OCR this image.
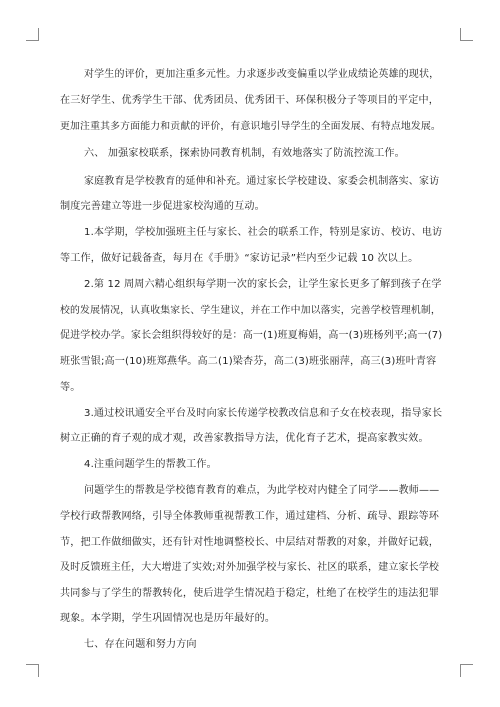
对学生的评价，更加注重多元性。力求逐步改变偏重以学业成绩论英雄的现状，
在三好学生、优秀学生干部、优秀团员、优秀团干、环保积极分子等项目的平定中，
更加注重其多方面能力和贡献的评价，有意识地引导学生的全面发展、有特点地发展。
六、 加强家校联系，探索协同教育机制，有效地落实了防流控流工作。
家庭教育是学校教育的延伸和补充。通过家长学校建设、家委会机制落实、家访
制度完善建立等进一步促进家校沟通的互动。
1.本学期，学校加强班主任与家长、社会的联系工作，特别是家访、校访、电访
等工作，做好记载备查，每月在《手册》“家访记录”栏内至少记载 10 次以上。
2.第 12 周周六精心组织每学期一次的家长会，让学生家长更多了解到孩子在学
校的发展情况，认真收集家长、学生建议，并在工作中加以落实，完善学校管理机制，
促进学校办学。家长会组织得较好的是：高一(1)班夏梅娟，高一(3)班杨列平;高一(7)
班张雪银;高一(10)班郑燕华。高二(1)梁杏芬，高二(3)班张丽萍，高三(3)班叶青容
等。
3.通过校讯通安全平台及时向家长传递学校教改信息和子女在校表现，指导家长
树立正确的育子观的成才观，改善家教指导方法，优化育子艺术，提高家教实效。
4.注重问题学生的帮教工作。
问题学生的帮教是学校德育教育的难点，为此学校对内健全了同学——教师——
学校行政帮教网络，引导全体教师重视帮教工作，通过建档、分析、疏导、跟踪等环
节，把工作做细做实，还有针对性地调整校长、中层结对帮教的对象，并做好记载，
及时反馈班主任，大大增进了实效;对外加强学校与家长、社区的联系，建立家长学校
共同参与了学生的帮教转化，使后进学生情况趋于稳定，杜绝了在校学生的违法犯罪
现象。本学期，学生巩固情况也是历年最好的。
七、存在问题和努力方向
